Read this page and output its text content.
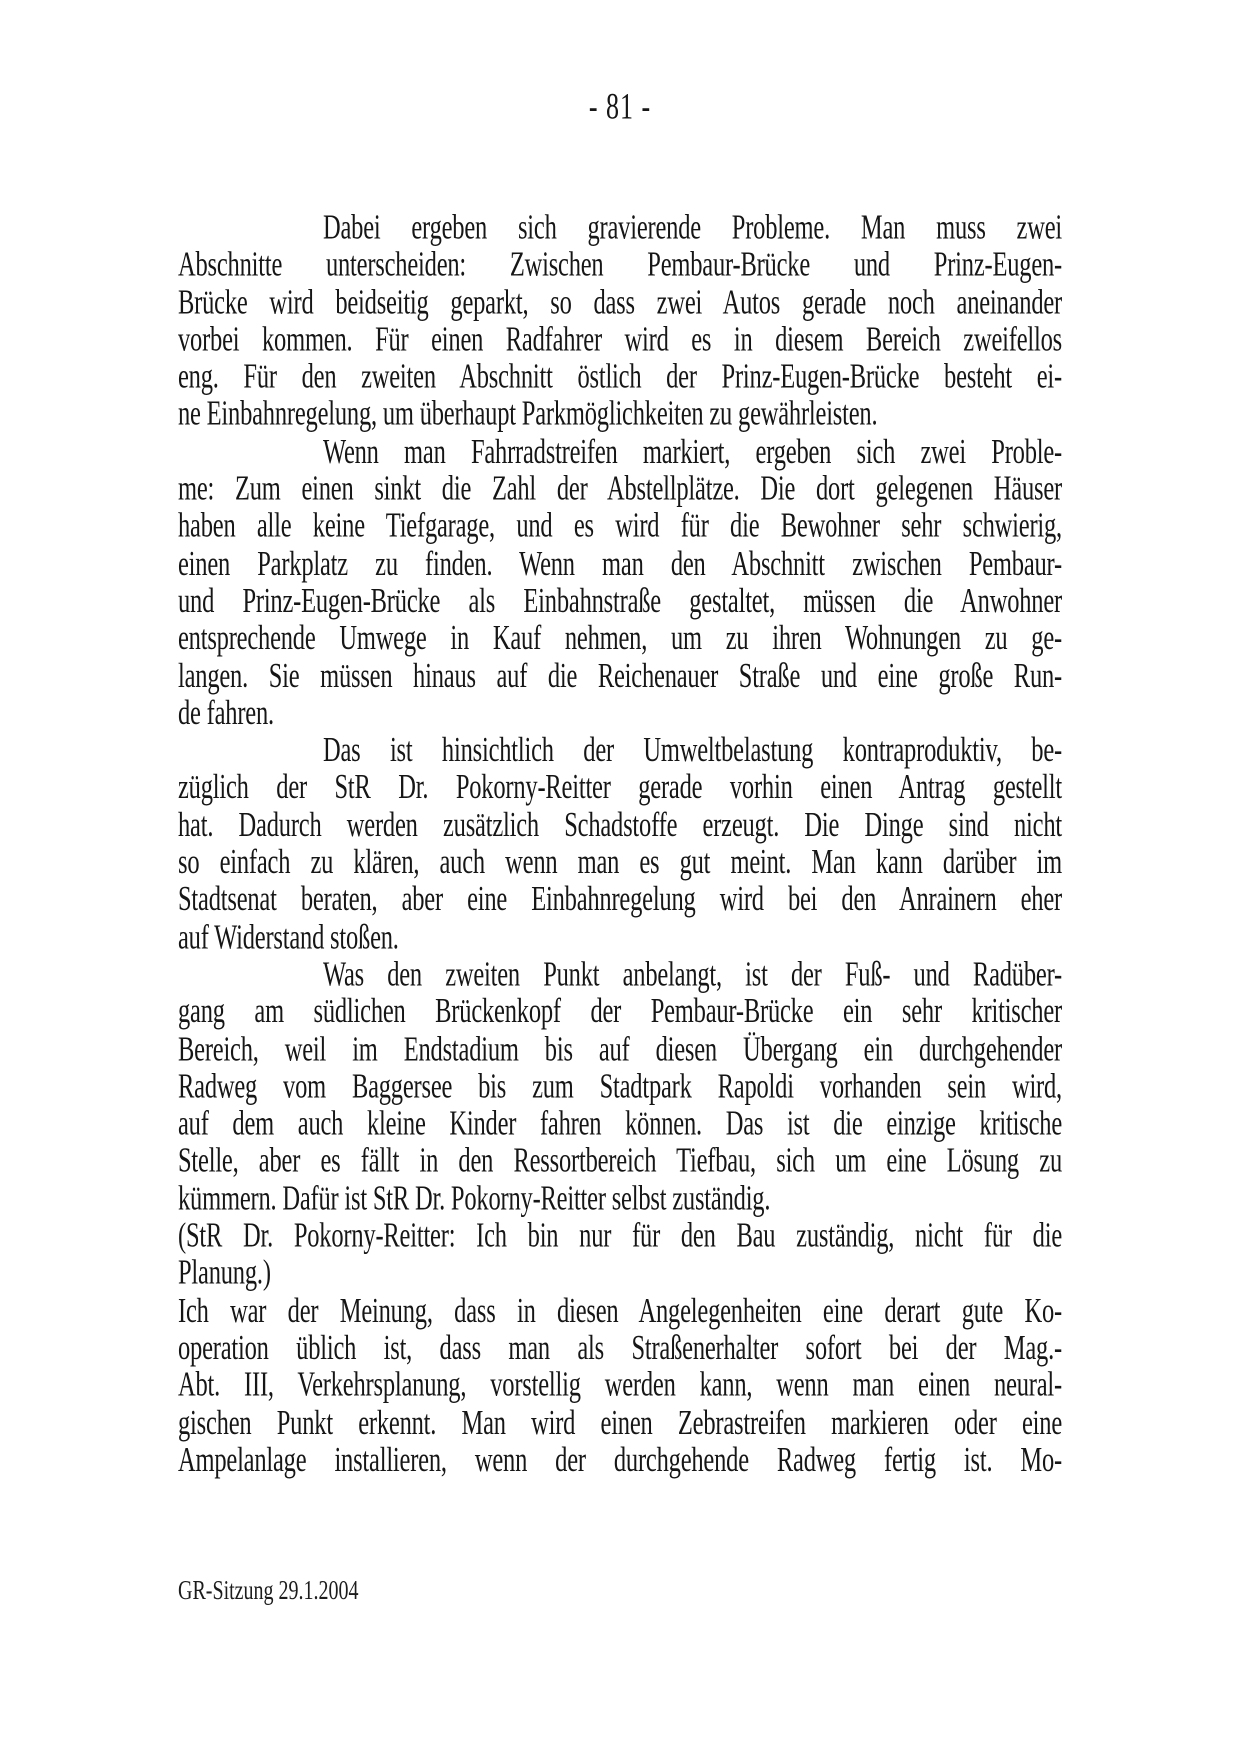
- 81 -
Dabei ergeben sich gravierende Probleme. Man muss zwei
Abschnitte unterscheiden: Zwischen Pembaur-Brücke und Prinz-Eugen-
Brücke wird beidseitig geparkt, so dass zwei Autos gerade noch aneinander
vorbei kommen. Für einen Radfahrer wird es in diesem Bereich zweifellos
eng. Für den zweiten Abschnitt östlich der Prinz-Eugen-Brücke besteht ei-
ne Einbahnregelung, um überhaupt Parkmöglichkeiten zu gewährleisten.
Wenn man Fahrradstreifen markiert, ergeben sich zwei Proble-
me: Zum einen sinkt die Zahl der Abstellplätze. Die dort gelegenen Häuser
haben alle keine Tiefgarage, und es wird für die Bewohner sehr schwierig,
einen Parkplatz zu finden. Wenn man den Abschnitt zwischen Pembaur-
und Prinz-Eugen-Brücke als Einbahnstraße gestaltet, müssen die Anwohner
entsprechende Umwege in Kauf nehmen, um zu ihren Wohnungen zu ge-
langen. Sie müssen hinaus auf die Reichenauer Straße und eine große Run-
de fahren.
Das ist hinsichtlich der Umweltbelastung kontraproduktiv, be-
züglich der StR Dr. Pokorny-Reitter gerade vorhin einen Antrag gestellt
hat. Dadurch werden zusätzlich Schadstoffe erzeugt. Die Dinge sind nicht
so einfach zu klären, auch wenn man es gut meint. Man kann darüber im
Stadtsenat beraten, aber eine Einbahnregelung wird bei den Anrainern eher
auf Widerstand stoßen.
Was den zweiten Punkt anbelangt, ist der Fuß- und Radüber-
gang am südlichen Brückenkopf der Pembaur-Brücke ein sehr kritischer
Bereich, weil im Endstadium bis auf diesen Übergang ein durchgehender
Radweg vom Baggersee bis zum Stadtpark Rapoldi vorhanden sein wird,
auf dem auch kleine Kinder fahren können. Das ist die einzige kritische
Stelle, aber es fällt in den Ressortbereich Tiefbau, sich um eine Lösung zu
kümmern. Dafür ist StR Dr. Pokorny-Reitter selbst zuständig.
(StR Dr. Pokorny-Reitter: Ich bin nur für den Bau zuständig, nicht für die
Planung.)
Ich war der Meinung, dass in diesen Angelegenheiten eine derart gute Ko-
operation üblich ist, dass man als Straßenerhalter sofort bei der Mag.-
Abt. III, Verkehrsplanung, vorstellig werden kann, wenn man einen neural-
gischen Punkt erkennt. Man wird einen Zebrastreifen markieren oder eine
Ampelanlage installieren, wenn der durchgehende Radweg fertig ist. Mo-
GR-Sitzung 29.1.2004
